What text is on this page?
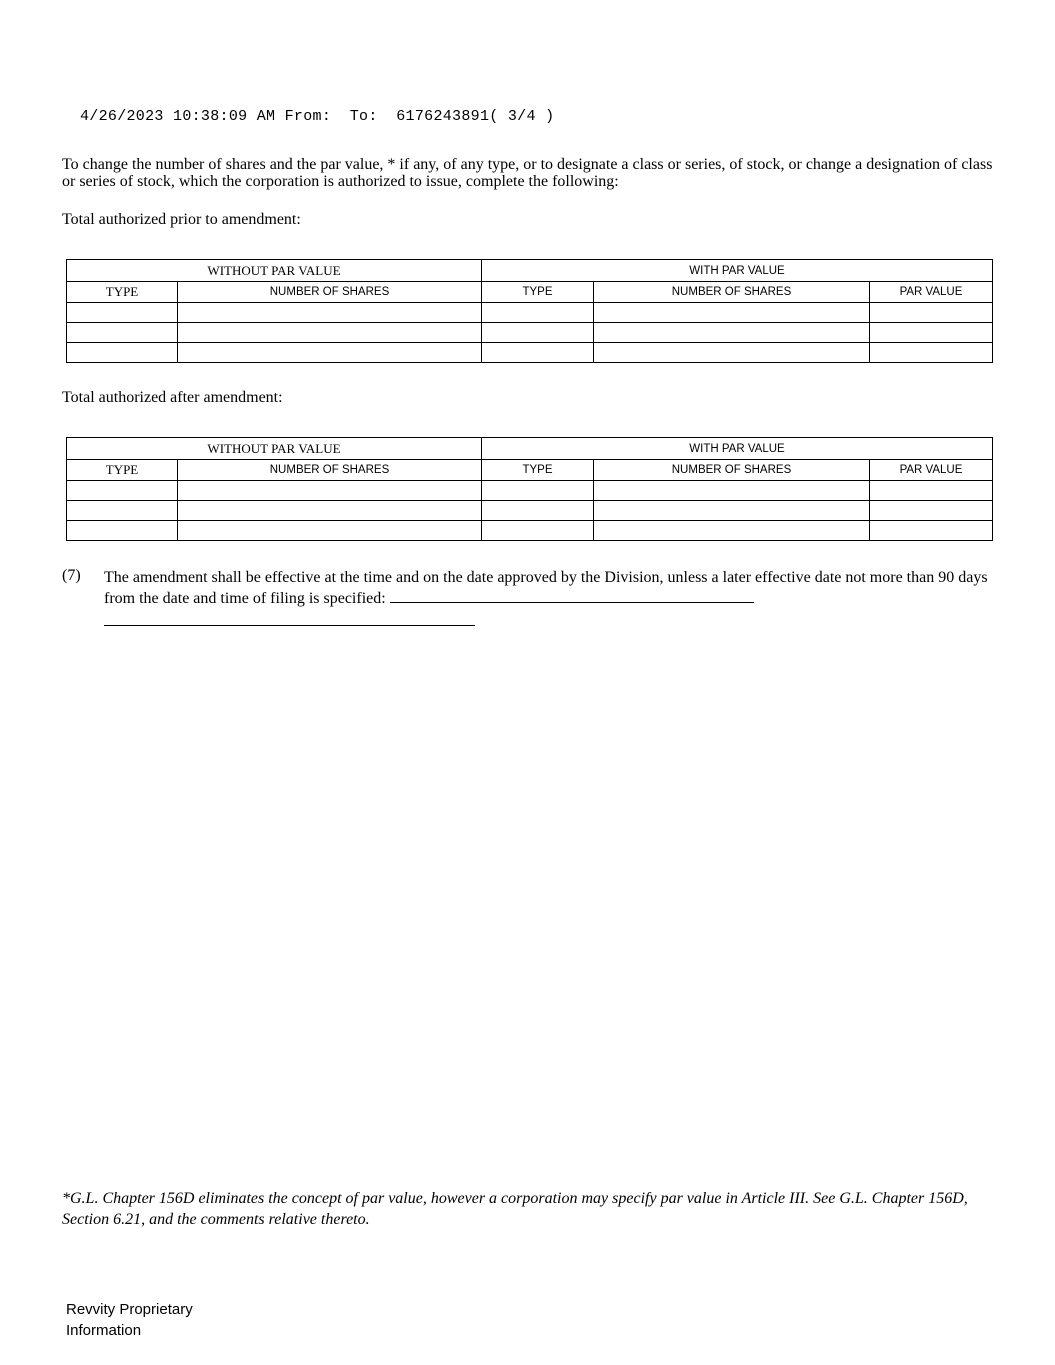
4/26/2023 10:38:09 AM From:  To:  6176243891( 3/4 )

To change the number of shares and the par value, * if any, of any type, or to designate a class or series, of stock, or change a designation of class or series of stock, which the corporation is authorized to issue, complete the following:

Total authorized prior to amendment:

WITHOUT PAR VALUE		WITH PAR VALUE		
TYPE	NUMBER OF SHARES	TYPE	NUMBER OF SHARES	PAR VALUE

Total authorized after amendment:

WITHOUT PAR VALUE		WITH PAR VALUE		
TYPE	NUMBER OF SHARES	TYPE	NUMBER OF SHARES	PAR VALUE

(7) The amendment shall be effective at the time and on the date approved by the Division, unless a later effective date not more than 90 days from the date and time of filing is specified:

*G.L. Chapter 156D eliminates the concept of par value, however a corporation may specify par value in Article III. See G.L. Chapter 156D, Section 6.21, and the comments relative thereto.

Revvity Proprietary
Information
